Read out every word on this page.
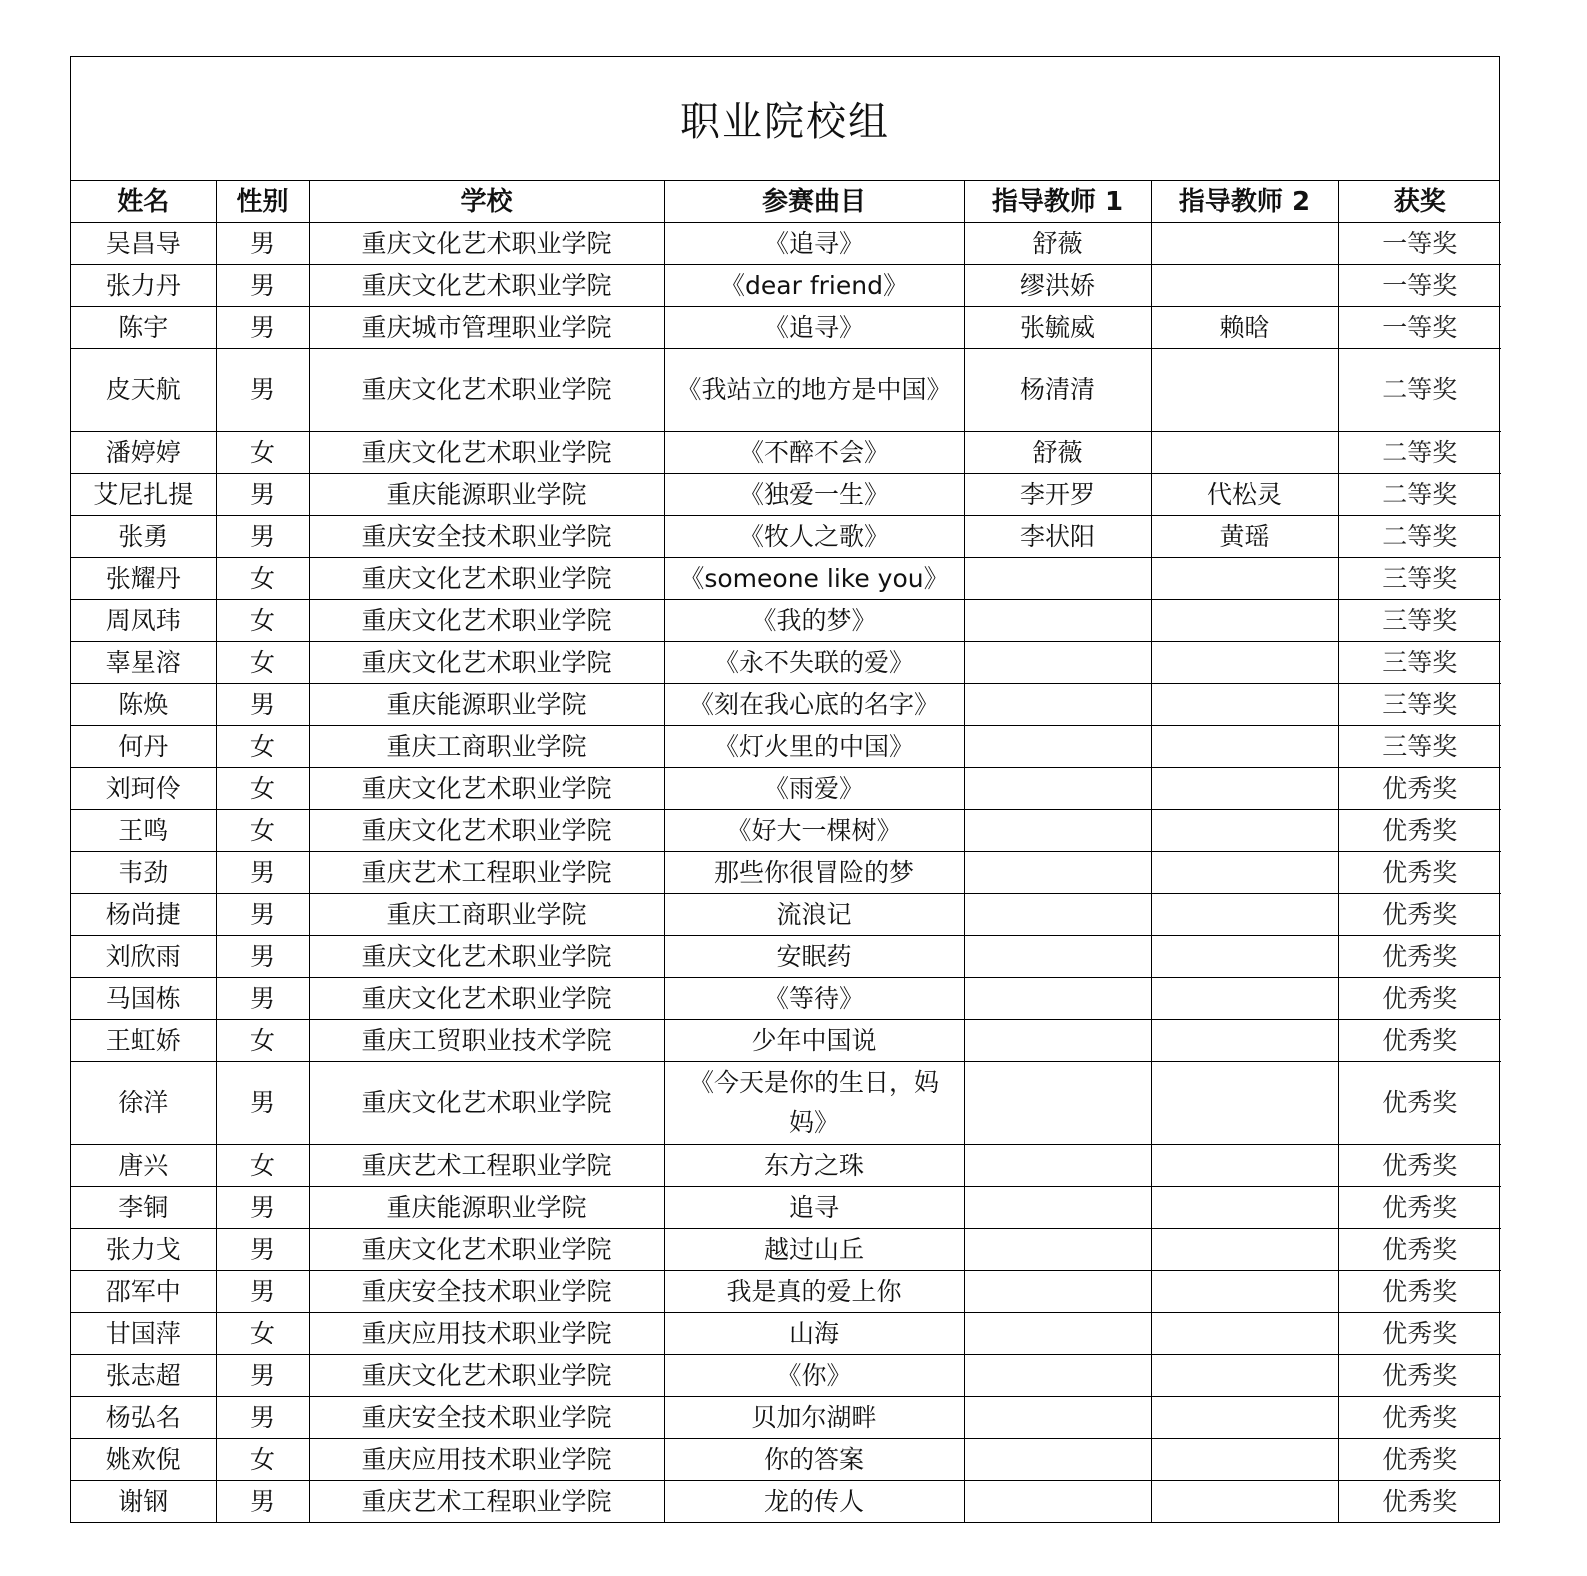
职业院校组
姓名	性别	学校	参赛曲目	指导教师 1	指导教师 2	获奖
吴昌导	男	重庆文化艺术职业学院	《追寻》	舒薇		一等奖
张力丹	男	重庆文化艺术职业学院	《dear friend》	缪洪娇		一等奖
陈宇	男	重庆城市管理职业学院	《追寻》	张毓威	赖晗	一等奖
皮天航	男	重庆文化艺术职业学院	《我站立的地方是中国》	杨清清		二等奖
潘婷婷	女	重庆文化艺术职业学院	《不醉不会》	舒薇		二等奖
艾尼扎提	男	重庆能源职业学院	《独爱一生》	李开罗	代松灵	二等奖
张勇	男	重庆安全技术职业学院	《牧人之歌》	李状阳	黄瑶	二等奖
张耀丹	女	重庆文化艺术职业学院	《someone like you》			三等奖
周凤玮	女	重庆文化艺术职业学院	《我的梦》			三等奖
辜星溶	女	重庆文化艺术职业学院	《永不失联的爱》			三等奖
陈焕	男	重庆能源职业学院	《刻在我心底的名字》			三等奖
何丹	女	重庆工商职业学院	《灯火里的中国》			三等奖
刘珂伶	女	重庆文化艺术职业学院	《雨爱》			优秀奖
王鸣	女	重庆文化艺术职业学院	《好大一棵树》			优秀奖
韦劲	男	重庆艺术工程职业学院	那些你很冒险的梦			优秀奖
杨尚捷	男	重庆工商职业学院	流浪记			优秀奖
刘欣雨	男	重庆文化艺术职业学院	安眠药			优秀奖
马国栋	男	重庆文化艺术职业学院	《等待》			优秀奖
王虹娇	女	重庆工贸职业技术学院	少年中国说			优秀奖
徐洋	男	重庆文化艺术职业学院	《今天是你的生日，妈妈》			优秀奖
唐兴	女	重庆艺术工程职业学院	东方之珠			优秀奖
李铜	男	重庆能源职业学院	追寻			优秀奖
张力戈	男	重庆文化艺术职业学院	越过山丘			优秀奖
邵军中	男	重庆安全技术职业学院	我是真的爱上你			优秀奖
甘国萍	女	重庆应用技术职业学院	山海			优秀奖
张志超	男	重庆文化艺术职业学院	《你》			优秀奖
杨弘名	男	重庆安全技术职业学院	贝加尔湖畔			优秀奖
姚欢倪	女	重庆应用技术职业学院	你的答案			优秀奖
谢钢	男	重庆艺术工程职业学院	龙的传人			优秀奖
